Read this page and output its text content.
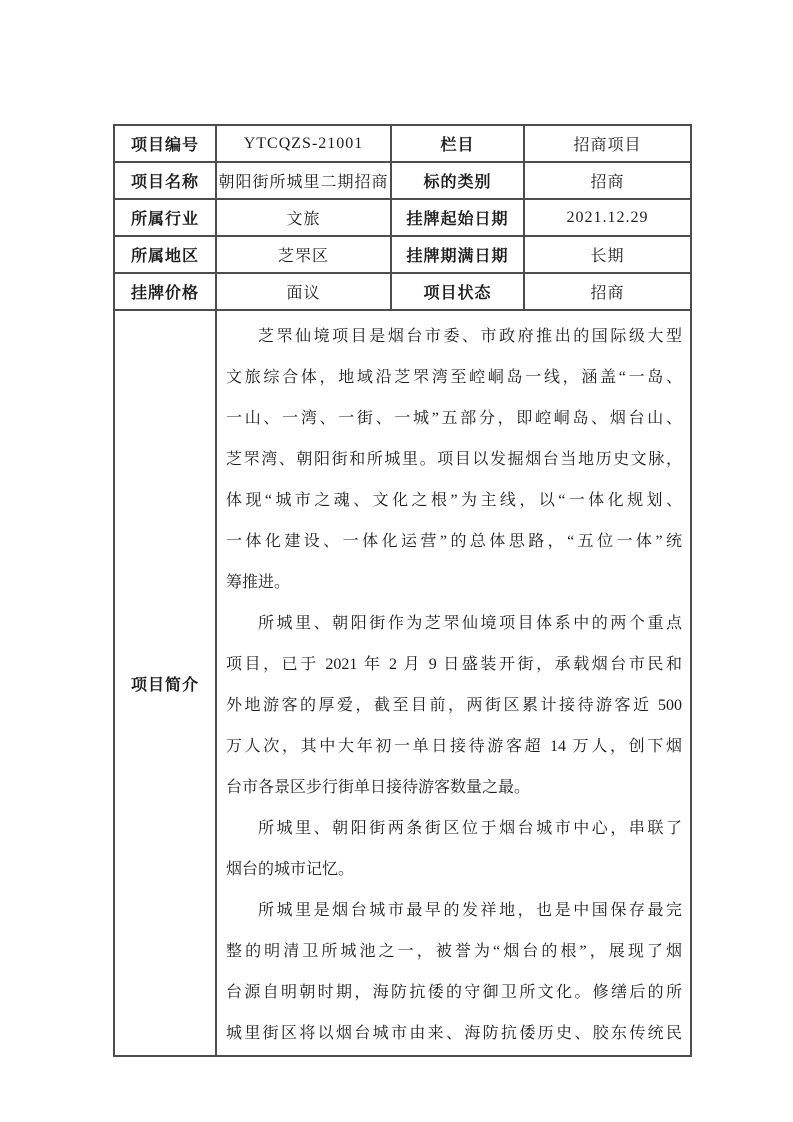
项目编号	YTCQZS-21001	栏目	招商项目
项目名称	朝阳街所城里二期招商	标的类别	招商
所属行业	文旅	挂牌起始日期	2021.12.29
所属地区	芝罘区	挂牌期满日期	长期
挂牌价格	面议	项目状态	招商
项目简介	
芝罘仙境项目是烟台市委、市政府推出的国际级大型
文旅综合体，地域沿芝罘湾至崆峒岛一线，涵盖“一岛、
一山、一湾、一街、一城”五部分，即崆峒岛、烟台山、
芝罘湾、朝阳街和所城里。项目以发掘烟台当地历史文脉，
体现“城市之魂、文化之根”为主线，以“一体化规划、
一体化建设、一体化运营”的总体思路，“五位一体”统
筹推进。
所城里、朝阳街作为芝罘仙境项目体系中的两个重点
项目，已于 2021 年 2 月 9 日盛装开街，承载烟台市民和
外地游客的厚爱，截至目前，两街区累计接待游客近 500
万人次，其中大年初一单日接待游客超 14 万人，创下烟
台市各景区步行街单日接待游客数量之最。
所城里、朝阳街两条街区位于烟台城市中心，串联了
烟台的城市记忆。
所城里是烟台城市最早的发祥地，也是中国保存最完
整的明清卫所城池之一，被誉为“烟台的根”，展现了烟
台源自明朝时期，海防抗倭的守御卫所文化。修缮后的所
城里街区将以烟台城市由来、海防抗倭历史、胶东传统民
